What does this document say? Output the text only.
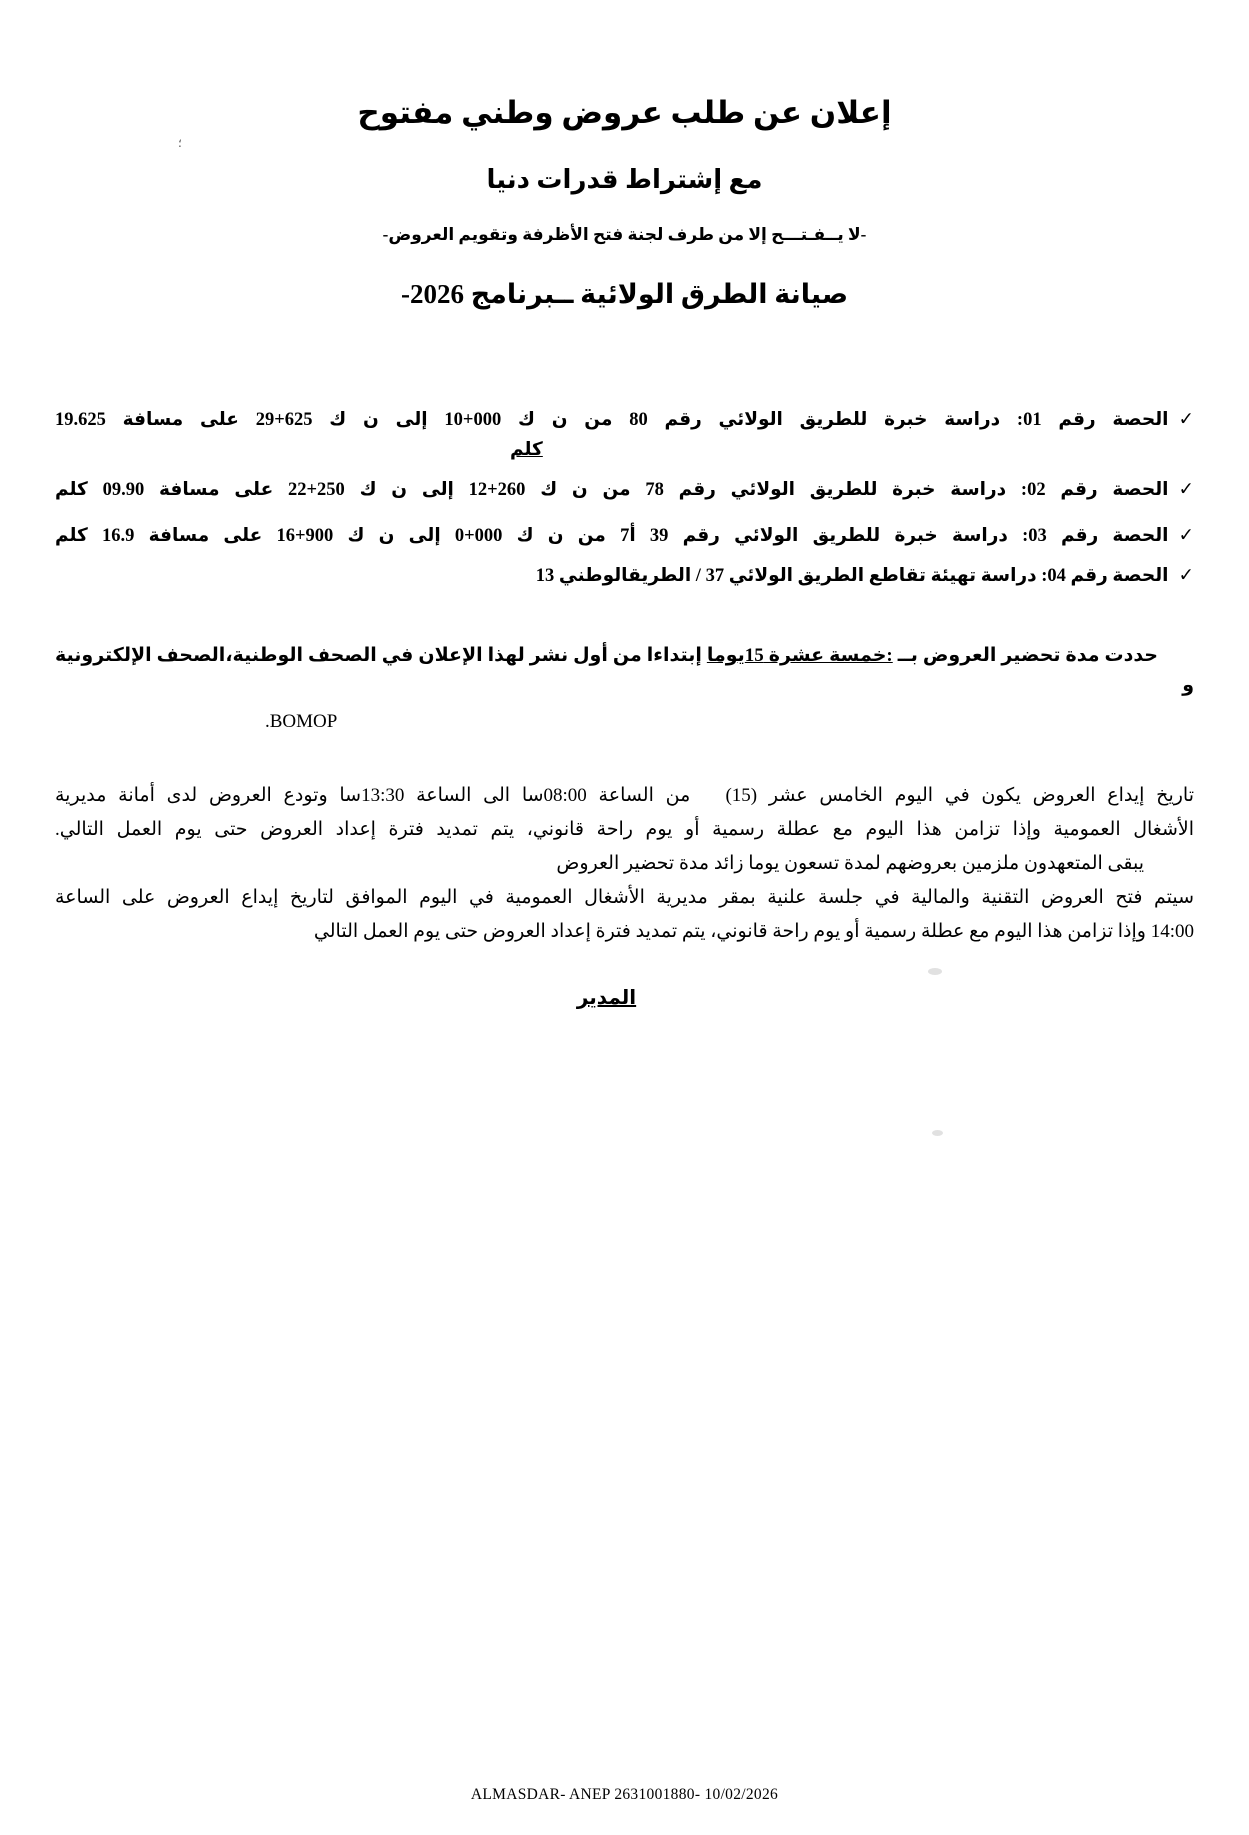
؛
إعلان عن طلب عروض وطني مفتوح
مع إشتراط قدرات دنيا
-لا يــفـتـــح إلا من طرف لجنة فتح الأظرفة وتقويم العروض-
صيانة الطرق الولائية ــبرنامج 2026-
✓الحصة رقم 01: دراسة خبرة للطريق الولائي رقم 80 من ن ك 000+10 إلى ن ك 625+29 على مسافة 19.625
كلم
✓الحصة رقم 02: دراسة خبرة للطريق الولائي رقم 78 من ن ك 260+12 إلى ن ك 250+22 على مسافة 09.90 كلم
✓الحصة رقم 03: دراسة خبرة للطريق الولائي رقم 39 أ7 من ن ك 000+0 إلى ن ك 900+16 على مسافة 16.9 كلم
✓الحصة رقم 04: دراسة تهيئة تقاطع الطريق الولائي 37 / الطريقالوطني 13

حددت مدة تحضير العروض بــ :خمسة عشرة 15يوما إبتداءا من أول نشر لهذا الإعلان في الصحف الوطنية،الصحف الإلكترونية و

BOMOP.
تاريخ إيداع العروض يكون في اليوم الخامس عشر (15)   من الساعة 08:00سا الى الساعة 13:30سا وتودع العروض لدى أمانة مديرية
الأشغال العمومية وإذا تزامن هذا اليوم مع عطلة رسمية أو يوم راحة قانوني، يتم تمديد فترة إعداد العروض حتى يوم العمل التالي.
يبقى المتعهدون ملزمين بعروضهم لمدة تسعون يوما زائد مدة تحضير العروض
سيتم فتح العروض التقنية والمالية في جلسة علنية بمقر مديرية الأشغال العمومية في اليوم الموافق لتاريخ إيداع العروض على الساعة
14:00 وإذا تزامن هذا اليوم مع عطلة رسمية أو يوم راحة قانوني، يتم تمديد فترة إعداد العروض حتى يوم العمل التالي
المدير
ALMASDAR- ANEP 2631001880- 10/02/2026
